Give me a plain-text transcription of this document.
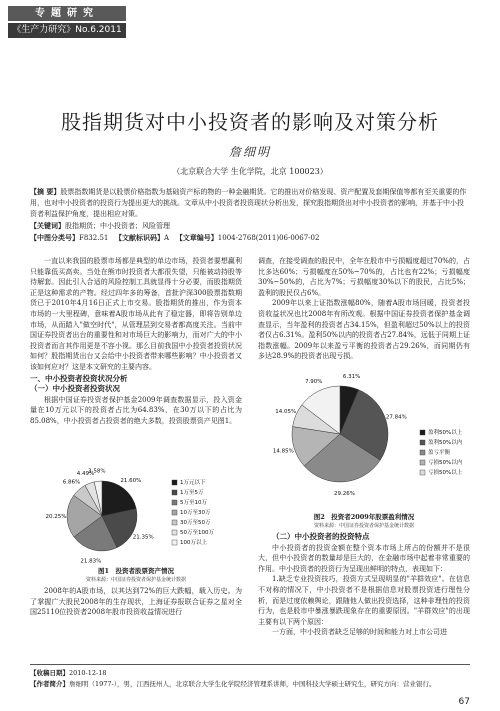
专题研究
《生产力研究》No.6.2011
股指期货对中小投资者的影响及对策分析
詹细明
（北京联合大学 生化学院，北京 100023）

【摘 要】股票指数期货是以股票价格指数为基础资产标的物的一种金融期货。它的推出对价格发现、资产配置及套期保值等都有至关重要的作用，也对中小投资者的投资行为提出更大的挑战。文章从中小投资者投资现状分析出发，探究股指期货出对中小投资者的影响，并基于中小投资者利益保护角度，提出相应对策。

【关键词】股指期货；中小投资者；风险管理

【中图分类号】F832.51 【文献标识码】A 【文章编号】1004-2768(2011)06-0067-02

一直以来我国的股票市场都是典型的单边市场，投资者要想赢利只能靠低买高卖。当处在熊市时投资者大都很失望，只能被动持股等待解套。因此引入合适的风险控制工具就显得十分必要，而股指期货正是这种需求的产物。经过四年多的筹备，首批沪深300股票指数期货已于2010年4月16日正式上市交易。股指期货的推出，作为资本市场的一大里程碑，意味着A股市场从此有了稳定器，即将告别单边市场，从而踏入"做空时代"，从管理层到交易者都高度关注。当前中国证券投资者出台的重要性和对市场巨大的影响力，而对广大的中小投资者而言其作用更是不容小视。那么目前我国中小投资者投资状况如何？股指期货出台又会给中小投资者带来哪些影响？中小投资者又该如何应对？这是本文研究的主要内容。

一、中小投资者投资状况分析

（一）中小投资者投资状况

根据中国证券投资者保护基金2009年调查数据显示，投入资金量在10万元以下的投资者占比为64.83%，在30万以下的占比为85.08%，中小投资者占投资者的绝大多数，投资股票资产见图1。

21.60%
21.35%
21.83%
20.25%
6.86%
4.49%
3.58%
1万元以下
1万至5万
5万至10万
10万至30万
30万至50万
50万至100万
100万以上
图1　投资者股票资产情况
资料来源：中国证券投资者保护基金统计数据

2008年的A股市场，以其达到72%的巨大跌幅，载入历史。为了掌握广大股民2008年的生存现状，上海证券报联合证券之星对全国25110位投资者2008年股市投资收益情况进行

调查，在接受调查的股民中，全年在股市中亏损幅度超过70%的，占比多达60%；亏损幅度在50%~70%的，占比也有22%；亏损幅度30%~50%的，占比为7%；亏损幅度30%以下的股民，占比5%；盈利的股民仅占6%。

2009年以来上证指数涨幅80%，随着A股市场回暖，投资者投资收益状况也比2008年有所改观。根据中国证券投资者保护基金调查显示，当年盈利的投资者占34.15%，但盈利超过50%以上的投资者仅占6.31%。盈利50%以内的投资者占27.84%，远低于同期上证指数涨幅。2009年以来盈亏平衡的投资者占29.26%，而同期仍有多达28.9%的投资者出现亏损。

6.31%
27.84%
29.26%
14.85%
14.05%
7.90%
盈利50%以上
盈利50%以内
盈亏平衡
亏损50%以内
亏损50%以上
图2　投资者2009年股票盈利情况
资料来源：中国证券投资者保护基金统计数据

（二）中小投资者的投资特点

中小投资者的投资金额在整个资本市场上所占的份额并不是很大，但中小投资者的数量却是巨大的，在金融市场中起着非常重要的作用。中小投资者的投资行为呈现出鲜明的特点，表现如下：

1.缺乏专业投资技巧，投资方式呈现明显的"羊群效应"。在信息不对称的情况下，中小投资者不是根据信息对股票投资进行理性分析，而是过度依赖舆论，跟随他人做出投资选择，这种非理性的投资行为，也是股市中暴涨暴跌现象存在的重要原因。"羊群效应"的出现主要有以下两个原因：

一方面，中小投资者缺乏足够的时间和能力对上市公司进

【收稿日期】2010-12-18
【作者简介】詹细明（1977-），男，江西抚州人，北京联合大学生化学院经济管理系讲师，中国科技大学硕士研究生，研究方向：营业银行。
67
